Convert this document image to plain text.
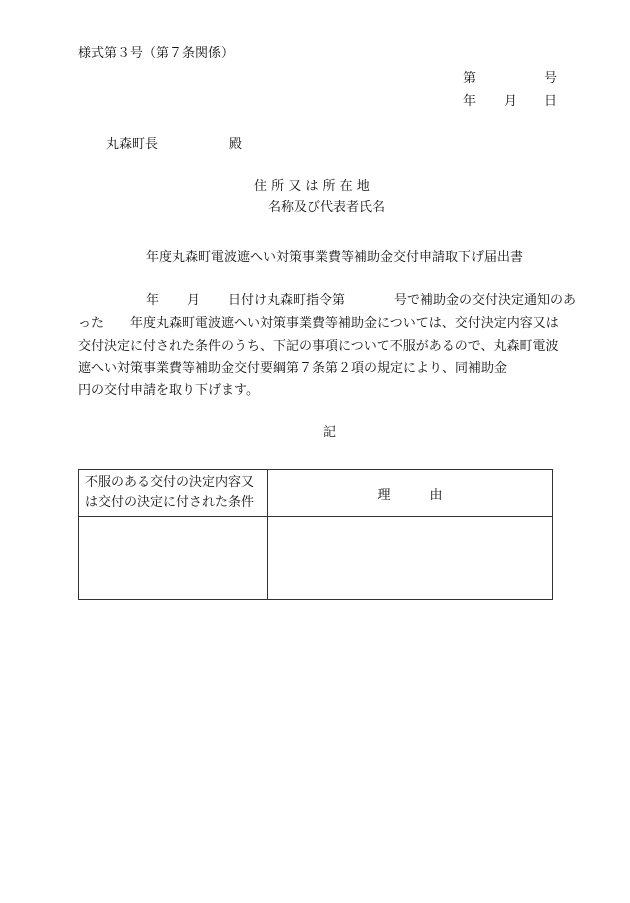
様式第３号（第７条関係）
第	号
年 月 日
丸森町長	殿
住 所 又 は 所 在 地
名称及び代表者氏名
年度丸森町電波遮へい対策事業費等補助金交付申請取下げ届出書
年 月 日付け丸森町指令第	号で補助金の交付決定通知のあ
った 年度丸森町電波遮へい対策事業費等補助金については、交付決定内容又は
交付決定に付された条件のうち、下記の事項について不服があるので、丸森町電波
遮へい対策事業費等補助金交付要綱第７条第２項の規定により、同補助金
円の交付申請を取り下げます。
記
不服のある交付の決定内容又
は交付の決定に付された条件	理　　　由
